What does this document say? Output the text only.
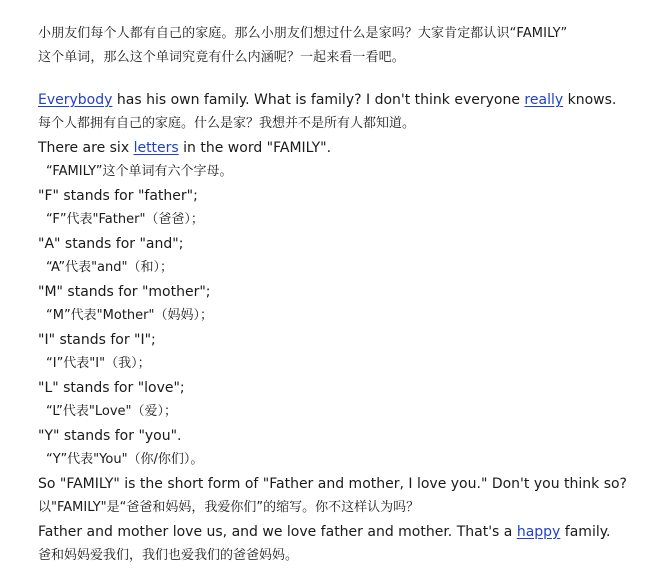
小朋友们每个人都有自己的家庭。那么小朋友们想过什么是家吗？大家肯定都认识“FAMILY”
这个单词，那么这个单词究竟有什么内涵呢？一起来看一看吧。
Everybody has his own family. What is family? I don't think everyone really knows.
每个人都拥有自己的家庭。什么是家？我想并不是所有人都知道。
There are six letters in the word "FAMILY".
“FAMILY”这个单词有六个字母。
"F" stands for "father";
“F”代表"Father"（爸爸）；
"A" stands for "and";
“A”代表"and"（和）；
"M" stands for "mother";
“M”代表"Mother"（妈妈）；
"I" stands for "I";
“I”代表"I"（我）；
"L" stands for "love";
“L”代表"Love"（爱）；
"Y" stands for "you".
“Y”代表"You"（你/你们）。
So "FAMILY" is the short form of "Father and mother, I love you." Don't you think so?
以"FAMILY"是“爸爸和妈妈，我爱你们”的缩写。你不这样认为吗？
Father and mother love us, and we love father and mother. That's a happy family.
爸和妈妈爱我们，我们也爱我们的爸爸妈妈。
